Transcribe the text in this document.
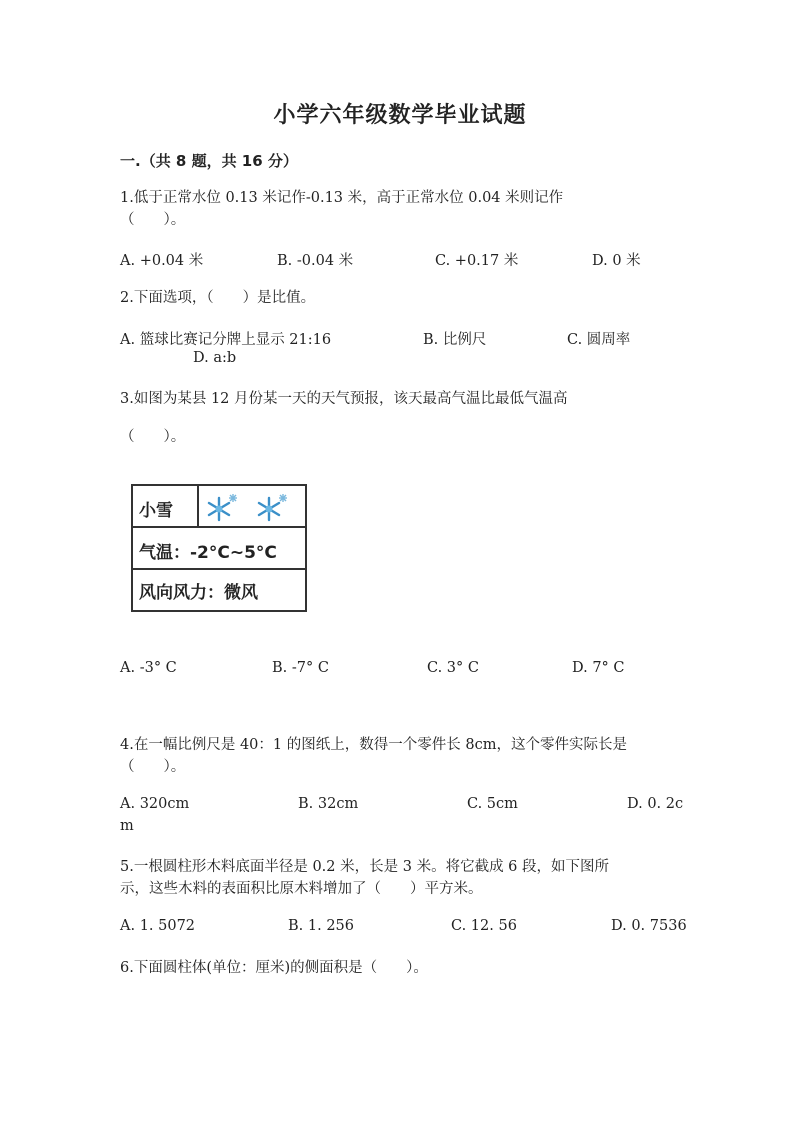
小学六年级数学毕业试题
一.（共 8 题，共 16 分）
1.低于正常水位 0.13 米记作-0.13 米，高于正常水位 0.04 米则记作
（　　）。
A. +0.04 米	B. -0.04 米	C. +0.17 米	D. 0 米
2.下面选项，（　　）是比值。
A. 篮球比赛记分牌上显示 21:16	B. 比例尺	C. 圆周率
D. a:b
3.如图为某县 12 月份某一天的天气预报，该天最高气温比最低气温高
（　　）。
小雪
气温：-2°C~5°C
风向风力：微风
A. -3° C	B. -7° C	C. 3° C	D. 7° C
4.在一幅比例尺是 40：1 的图纸上，数得一个零件长 8cm，这个零件实际长是
（　　）。
A. 320cm	B. 32cm	C. 5cm	D. 0. 2c
m
5.一根圆柱形木料底面半径是 0.2 米，长是 3 米。将它截成 6 段，如下图所
示，这些木料的表面积比原木料增加了（　　）平方米。
A. 1. 5072	B. 1. 256	C. 12. 56	D. 0. 7536
6.下面圆柱体(单位：厘米)的侧面积是（　　）。
